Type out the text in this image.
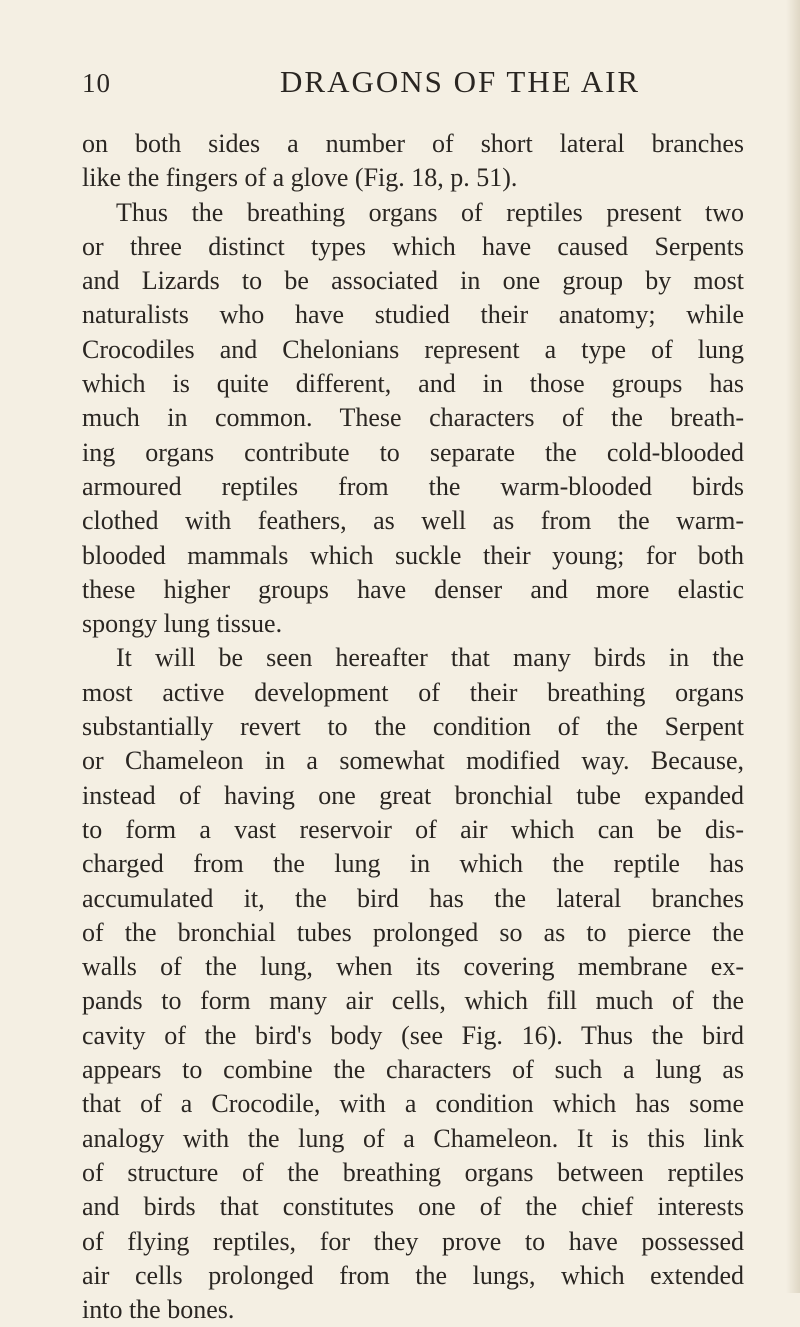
10	DRAGONS OF THE AIR
on both sides a number of short lateral branches
like the fingers of a glove (Fig. 18, p. 51).
Thus the breathing organs of reptiles present two
or three distinct types which have caused Serpents
and Lizards to be associated in one group by most
naturalists who have studied their anatomy; while
Crocodiles and Chelonians represent a type of lung
which is quite different, and in those groups has
much in common. These characters of the breath-
ing organs contribute to separate the cold-blooded
armoured reptiles from the warm-blooded birds
clothed with feathers, as well as from the warm-
blooded mammals which suckle their young; for both
these higher groups have denser and more elastic
spongy lung tissue.
It will be seen hereafter that many birds in the
most active development of their breathing organs
substantially revert to the condition of the Serpent
or Chameleon in a somewhat modified way. Because,
instead of having one great bronchial tube expanded
to form a vast reservoir of air which can be dis-
charged from the lung in which the reptile has
accumulated it, the bird has the lateral branches
of the bronchial tubes prolonged so as to pierce the
walls of the lung, when its covering membrane ex-
pands to form many air cells, which fill much of the
cavity of the bird's body (see Fig. 16). Thus the bird
appears to combine the characters of such a lung as
that of a Crocodile, with a condition which has some
analogy with the lung of a Chameleon. It is this link
of structure of the breathing organs between reptiles
and birds that constitutes one of the chief interests
of flying reptiles, for they prove to have possessed
air cells prolonged from the lungs, which extended
into the bones.
